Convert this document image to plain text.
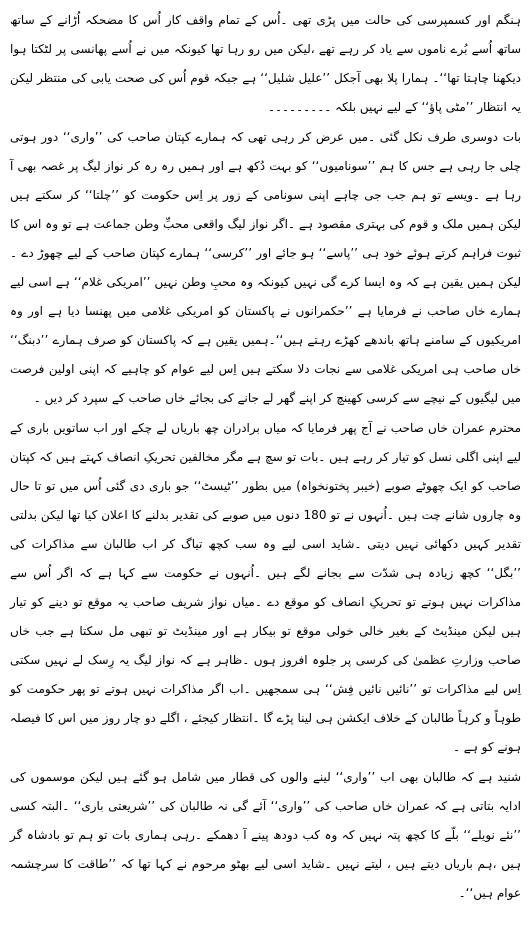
ہنگم اور کسمپرسی کی حالت میں پڑی تھی ۔اُس کے تمام واقف کار اُس کا مضحکہ اُڑانے کے ساتھ ساتھ اُسے بُرے ناموں سے یاد کر رہے تھے ،لیکن میں رو رہا تھا کیونکہ میں نے اُسے پھانسی پر لٹکتا ہوا دیکھنا چاہتا تھا‘‘۔ ہمارا پلا بھی آجکل ’’علیل شلیل‘‘ ہے جبکہ قوم اُس کی صحت یابی کی منتظر لیکن یہ انتظار ’’مٹی پاؤ‘‘ کے لیے نہیں بلکہ ۔۔۔۔۔۔۔۔۔

بات دوسری طرف نکل گئی ۔میں عرض کر رہی تھی کہ ہمارے کپتان صاحب کی ’’واری‘‘ دور ہوتی چلی جا رہی ہے جس کا ہم ’’سونامیوں‘‘ کو بہت دُکھ ہے اور ہمیں رہ رہ کر نواز لیگ پر غصہ بھی آ رہا ہے ۔ویسے تو ہم جب جی چاہے اپنی سونامی کے زور پر اِس حکومت کو ’’چلتا‘‘ کر سکتے ہیں لیکن ہمیں ملک و قوم کی بہتری مقصود ہے ۔اگر نواز لیگ واقعی محبِّ وطن جماعت ہے تو وہ اس کا ثبوت فراہم کرتے ہوئے خود ہی ’’پاسے‘‘ ہو جائے اور ’’کرسی‘‘ ہمارے کپتان صاحب کے لیے چھوڑ دے ۔لیکن ہمیں یقین ہے کہ وہ ایسا کرے گی نہیں کیونکہ وہ محبِ وطن نہیں ’’امریکی غلام‘‘ ہے اسی لیے ہمارے خاں صاحب نے فرمایا ہے ’’حکمرانوں نے پاکستان کو امریکی غلامی میں پھنسا دیا ہے اور وہ امریکیوں کے سامنے ہاتھ باندھے کھڑے رہتے ہیں‘‘۔ہمیں یقین ہے کہ پاکستان کو صرف ہمارے ’’دبنگ‘‘ خاں صاحب ہی امریکی غلامی سے نجات دلا سکتے ہیں اِس لیے عوام کو چاہیے کہ اپنی اولین فرصت میں لیگیوں کے نیچے سے کرسی کھینچ کر اپنے گھر لے جانے کی بجائے خاں صاحب کے سپرد کر دیں ۔

محترم عمران خاں صاحب نے آج پھر فرمایا کہ میاں برادران چھ باریاں لے چکے اور اب ساتویں باری کے لیے اپنی اگلی نسل کو تیار کر رہے ہیں ۔بات تو سچ ہے مگر مخالفین تحریکِ انصاف کہتے ہیں کہ کپتان صاحب کو ایک چھوٹے صوبے (خیبر پختونخواہ) میں بطور ’’ٹیسٹ‘‘ جو باری دی گئی اُس میں تو تا حال وہ چاروں شانے چت ہیں ۔اُنہوں نے تو 180 دنوں میں صوبے کی تقدیر بدلنے کا اعلان کیا تھا لیکن بدلتی تقدیر کہیں دکھائی نہیں دیتی ۔شاید اسی لیے وہ سب کچھ تیاگ کر اب طالبان سے مذاکرات کی ’’بگل‘‘ کچھ زیادہ ہی شدّت سے بجانے لگے ہیں ۔اُنہوں نے حکومت سے کہا ہے کہ اگر اُس سے مذاکرات نہیں ہوتے تو تحریکِ انصاف کو موقع دے ۔میاں نواز شریف صاحب یہ موقع تو دینے کو تیار ہیں لیکن مینڈیٹ کے بغیر خالی خولی موقع تو بیکار ہے اور مینڈیٹ تو تبھی مل سکتا ہے جب خاں صاحب وزارتِ عظمیٰ کی کرسی پر جلوہ افروز ہوں ۔ظاہر ہے کہ نواز لیگ یہ رِسک لے نہیں سکتی اِس لیے مذاکرات تو ’’نائیں نائیں فِش‘‘ ہی سمجھیں ۔اب اگر مذاکرات نہیں ہوتے تو پھر حکومت کو طوہاً و کرہاً طالبان کے خلاف ایکشن ہی لینا پڑے گا ۔انتظار کیجئے ، اگلے دو چار روز میں اس کا فیصلہ ہونے کو ہے ۔

شنید ہے کہ طالبان بھی اب ’’واری‘‘ لینے والوں کی قطار میں شامل ہو گئے ہیں لیکن موسموں کی ادایہ بتاتی ہے کہ عمران خاں صاحب کی ’’واری‘‘ آئے گی نہ طالبان کی ’’شریعتی باری‘‘ ۔البتہ کسی ’’نئے نویلے‘‘ بلّے کا کچھ پتہ نہیں کہ وہ کب دودھ پینے آ دھمکے ۔رہی ہماری بات تو ہم تو بادشاہ گر ہیں ،ہم باریاں دیتے ہیں ، لیتے نہیں ۔شاید اسی لیے بھٹو مرحوم نے کہا تھا کہ ’’طاقت کا سرچشمہ عوام ہیں‘‘۔
